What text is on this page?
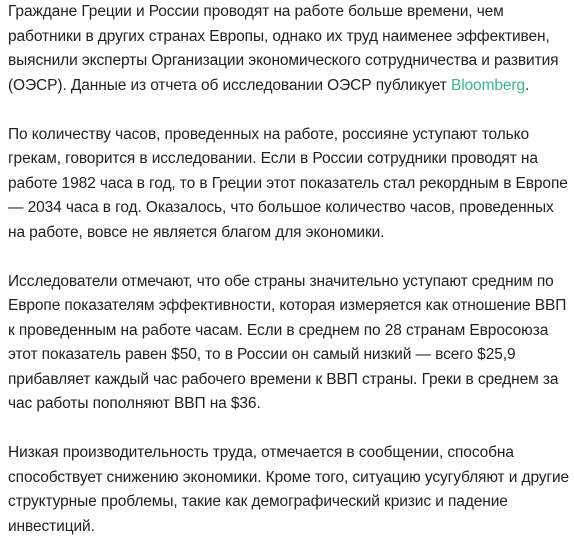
Граждане Греции и России проводят на работе больше времени, чем работники в других странах Европы, однако их труд наименее эффективен, выяснили эксперты Организации экономического сотрудничества и развития (ОЭСР). Данные из отчета об исследовании ОЭСР публикует Bloomberg.

По количеству часов, проведенных на работе, россияне уступают только грекам, говорится в исследовании. Если в России сотрудники проводят на работе 1982 часа в год, то в Греции этот показатель стал рекордным в Европе — 2034 часа в год. Оказалось, что большое количество часов, проведенных на работе, вовсе не является благом для экономики.

Исследователи отмечают, что обе страны значительно уступают средним по Европе показателям эффективности, которая измеряется как отношение ВВП к проведенным на работе часам. Если в среднем по 28 странам Евросоюза этот показатель равен $50, то в России он самый низкий — всего $25,9 прибавляет каждый час рабочего времени к ВВП страны. Греки в среднем за час работы пополняют ВВП на $36.

Низкая производительность труда, отмечается в сообщении, способна способствует снижению экономики. Кроме того, ситуацию усугубляют и другие структурные проблемы, такие как демографический кризис и падение инвестиций.
